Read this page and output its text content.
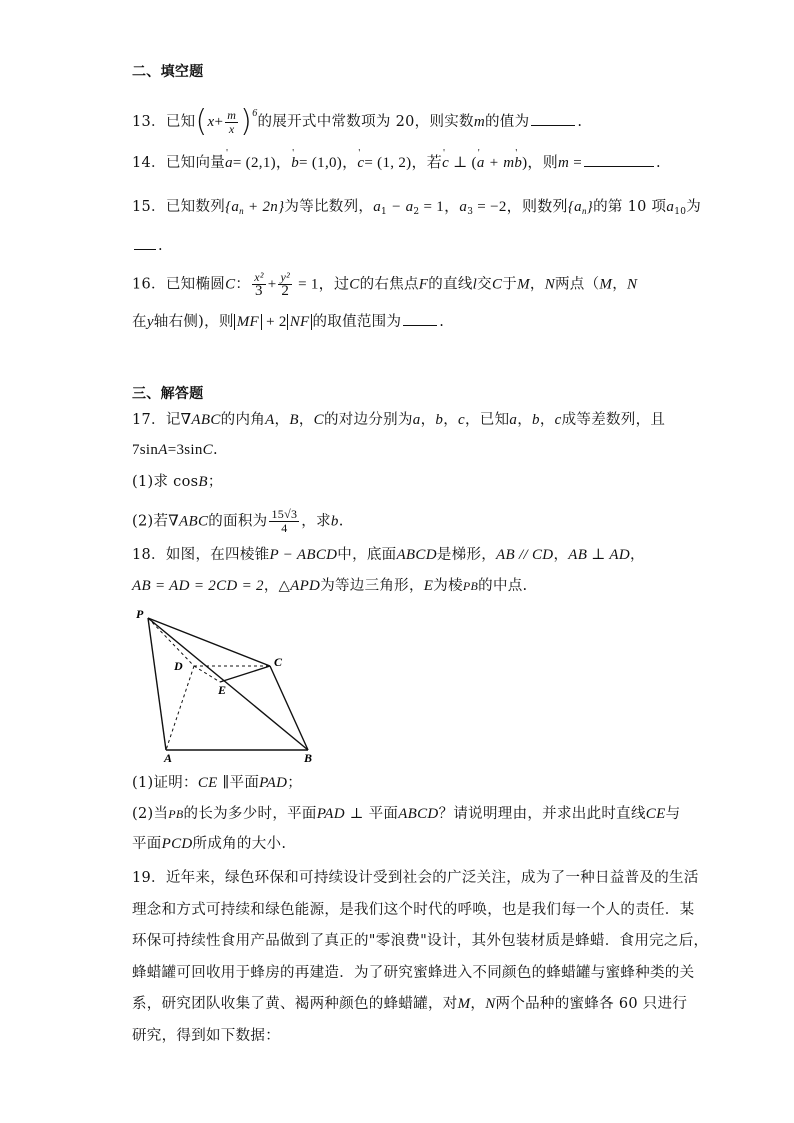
二、填空题
13．已知$(x+ \frac{m}{x} )^6$的展开式中常数项为 20，则实数m的值为	.
14．已知向量' a= (2,1)，' b= (1,0)，' c= (1, 2)，若' c ⊥ (' a + m' b)，则m =	.
15．已知数列$\{a_n + 2n\}$为等比数列，$a_1 - a_2 = 1$，$a_3 = -2$，则数列$\{a_n\}$的第 10 项$a_{10}$为
.
16．已知椭圆C： $\frac{\text{x²}}{3} + \frac{\text{y²}}{2} = 1$，过C的右焦点F的直线l交C于M，N两点（M，N
在y轴右侧)，则 MF + 2 NF 的取值范围为	.
三、解答题
17．记∇ABC的内角A，B，C的对边分别为a，b，c，已知a，b，c成等差数列，且
7sinA=3sinC.
(1)求 cosB；
(2)若∇ABC的面积为 $\frac{15√3}{4}$ ，求b.
18．如图，在四棱锥P − ABCD中，底面ABCD是梯形，AB // CD，AB ⊥ AD，
AB = AD = 2CD = 2，△APD为等边三角形，E为棱PB的中点.
P
D	C
E
A	B
(1)证明：CE ∥平面PAD；
(2)当PB的长为多少时，平面PAD ⊥ 平面ABCD？请说明理由，并求出此时直线CE与
平面PCD所成角的大小.
19．近年来，绿色环保和可持续设计受到社会的广泛关注，成为了一种日益普及的生活
理念和方式可持续和绿色能源，是我们这个时代的呼唤，也是我们每一个人的责任．某
环保可持续性食用产品做到了真正的"零浪费"设计，其外包装材质是蜂蜡．食用完之后，
蜂蜡罐可回收用于蜂房的再建造．为了研究蜜蜂进入不同颜色的蜂蜡罐与蜜蜂种类的关
系，研究团队收集了黄、褐两种颜色的蜂蜡罐，对M，N两个品种的蜜蜂各 60 只进行
研究，得到如下数据：
